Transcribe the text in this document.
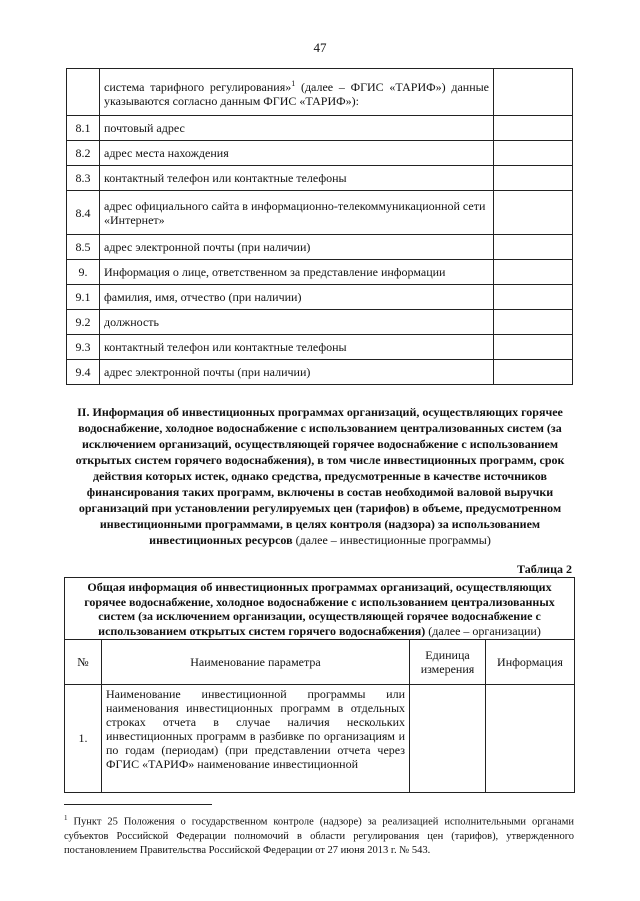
47
	система тарифного регулирования»$^1$ (далее – ФГИС «ТАРИФ») данные указываются согласно данным ФГИС «ТАРИФ»):	
8.1	почтовый адрес	
8.2	адрес места нахождения	
8.3	контактный телефон или контактные телефоны	
8.4	адрес официального сайта в информационно-телекоммуникационной сети «Интернет»	
8.5	адрес электронной почты (при наличии)	
9.	Информация о лице, ответственном за представление информации	
9.1	фамилия, имя, отчество (при наличии)	
9.2	должность	
9.3	контактный телефон или контактные телефоны	
9.4	адрес электронной почты (при наличии)	
II. Информация об инвестиционных программах организаций, осуществляющих горячее водоснабжение, холодное водоснабжение с использованием централизованных систем (за исключением организаций, осуществляющей горячее водоснабжение с использованием открытых систем горячего водоснабжения), в том числе инвестиционных программ, срок действия которых истек, однако средства, предусмотренные в качестве источников финансирования таких программ, включены в состав необходимой валовой выручки организаций при установлении регулируемых цен (тарифов) в объеме, предусмотренном инвестиционными программами, в целях контроля (надзора) за использованием инвестиционных ресурсов (далее – инвестиционные программы)
Таблица 2
Общая информация об инвестиционных программах организаций, осуществляющих горячее водоснабжение, холодное водоснабжение с использованием централизованных систем (за исключением организации, осуществляющей горячее водоснабжение с использованием открытых систем горячего водоснабжения) (далее – организации)
№	Наименование параметра	Единица измерения	Информация
1.	Наименование инвестиционной программы или наименования инвестиционных программ в отдельных строках отчета в случае наличия нескольких инвестиционных программ в разбивке по организациям и по годам (периодам) (при представлении отчета через ФГИС «ТАРИФ» наименование инвестиционной		
$^1$ Пункт 25 Положения о государственном контроле (надзоре) за реализацией исполнительными органами субъектов Российской Федерации полномочий в области регулирования цен (тарифов), утвержденного постановлением Правительства Российской Федерации от 27 июня 2013 г. № 543.
